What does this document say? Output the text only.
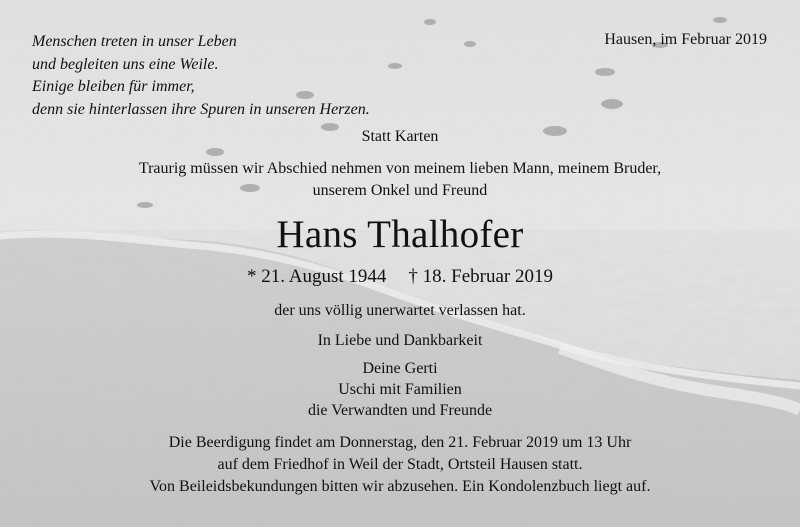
Menschen treten in unser Leben
und begleiten uns eine Weile.
Einige bleiben für immer,
denn sie hinterlassen ihre Spuren in unseren Herzen.
Hausen, im Februar 2019
Statt Karten
Traurig müssen wir Abschied nehmen von meinem lieben Mann, meinem Bruder,
unserem Onkel und Freund
Hans Thalhofer
* 21. August 1944 † 18. Februar 2019
der uns völlig unerwartet verlassen hat.
In Liebe und Dankbarkeit
Deine Gerti
Uschi mit Familien
die Verwandten und Freunde
Die Beerdigung findet am Donnerstag, den 21. Februar 2019 um 13 Uhr
auf dem Friedhof in Weil der Stadt, Ortsteil Hausen statt.
Von Beileidsbekundungen bitten wir abzusehen. Ein Kondolenzbuch liegt auf.
